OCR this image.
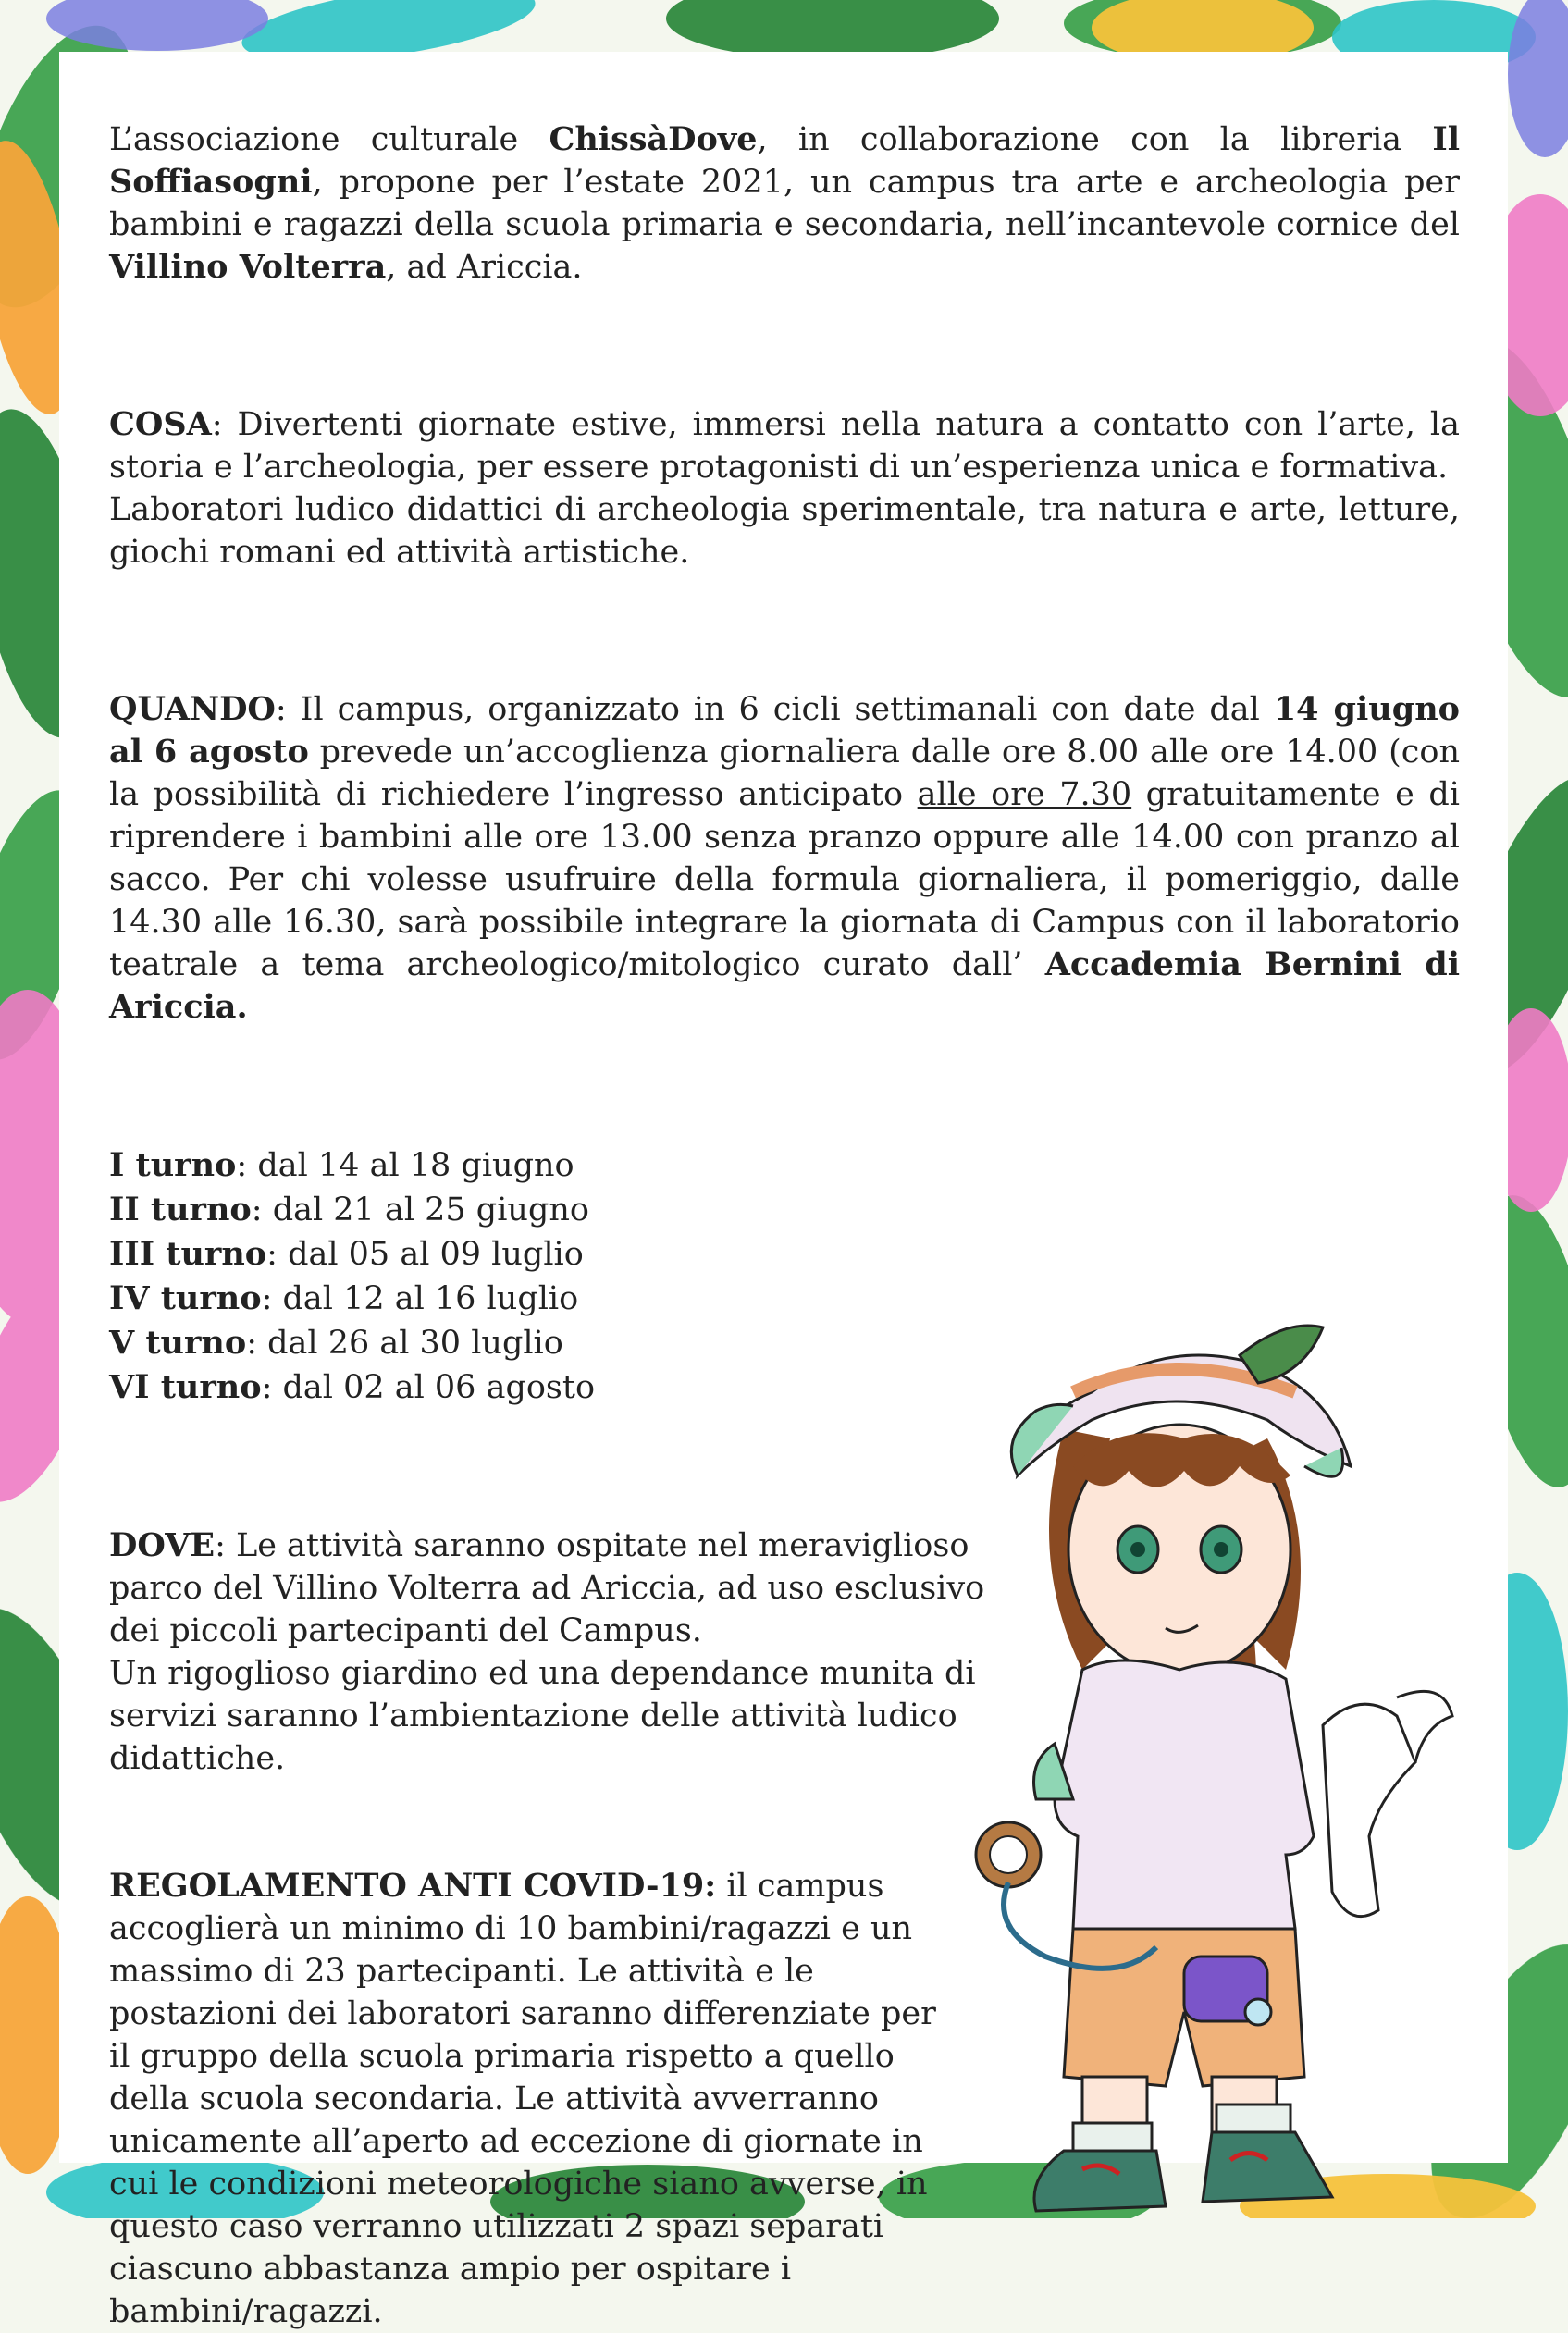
L’associazione culturale ChissàDove, in collaborazione con la libreria Il Soffiasogni, propone per l’estate 2021, un campus tra arte e archeologia per bambini e ragazzi della scuola primaria e secondaria, nell’incantevole cornice del Villino Volterra, ad Ariccia.

COSA: Divertenti giornate estive, immersi nella natura a contatto con l’arte, la storia e l’archeologia, per essere protagonisti di un’esperienza unica e formativa.

Laboratori ludico didattici di archeologia sperimentale, tra natura e arte, letture, giochi romani ed attività artistiche.

QUANDO: Il campus, organizzato in 6 cicli settimanali con date dal 14 giugno al 6 agosto prevede un’accoglienza giornaliera dalle ore 8.00 alle ore 14.00 (con la possibilità di richiedere l’ingresso anticipato alle ore 7.30 gratuitamente e di riprendere i bambini alle ore 13.00 senza pranzo oppure alle 14.00 con pranzo al sacco. Per chi volesse usufruire della formula giornaliera, il pomeriggio, dalle 14.30 alle 16.30, sarà possibile integrare la giornata di Campus con il laboratorio teatrale a tema archeologico/mitologico curato dall’ Accademia Bernini di Ariccia.

I turno: dal 14 al 18 giugno

II turno: dal 21 al 25 giugno

III turno: dal 05 al 09 luglio

IV turno: dal 12 al 16 luglio

V turno: dal 26 al 30 luglio

VI turno: dal 02 al 06 agosto

DOVE: Le attività saranno ospitate nel meraviglioso parco del Villino Volterra ad Ariccia, ad uso esclusivo dei piccoli partecipanti del Campus.

Un rigoglioso giardino ed una dependance munita di servizi saranno l’ambientazione delle attività ludico didattiche.

REGOLAMENTO ANTI COVID-19: il campus accoglierà un minimo di 10 bambini/ragazzi e un massimo di 23 partecipanti. Le attività e le postazioni dei laboratori saranno differenziate per il gruppo della scuola primaria rispetto a quello della scuola secondaria. Le attività avverranno unicamente all’aperto ad eccezione di giornate in cui le condizioni meteorologiche siano avverse, in questo caso verranno utilizzati 2 spazi separati ciascuno abbastanza ampio per ospitare i bambini/ragazzi.
